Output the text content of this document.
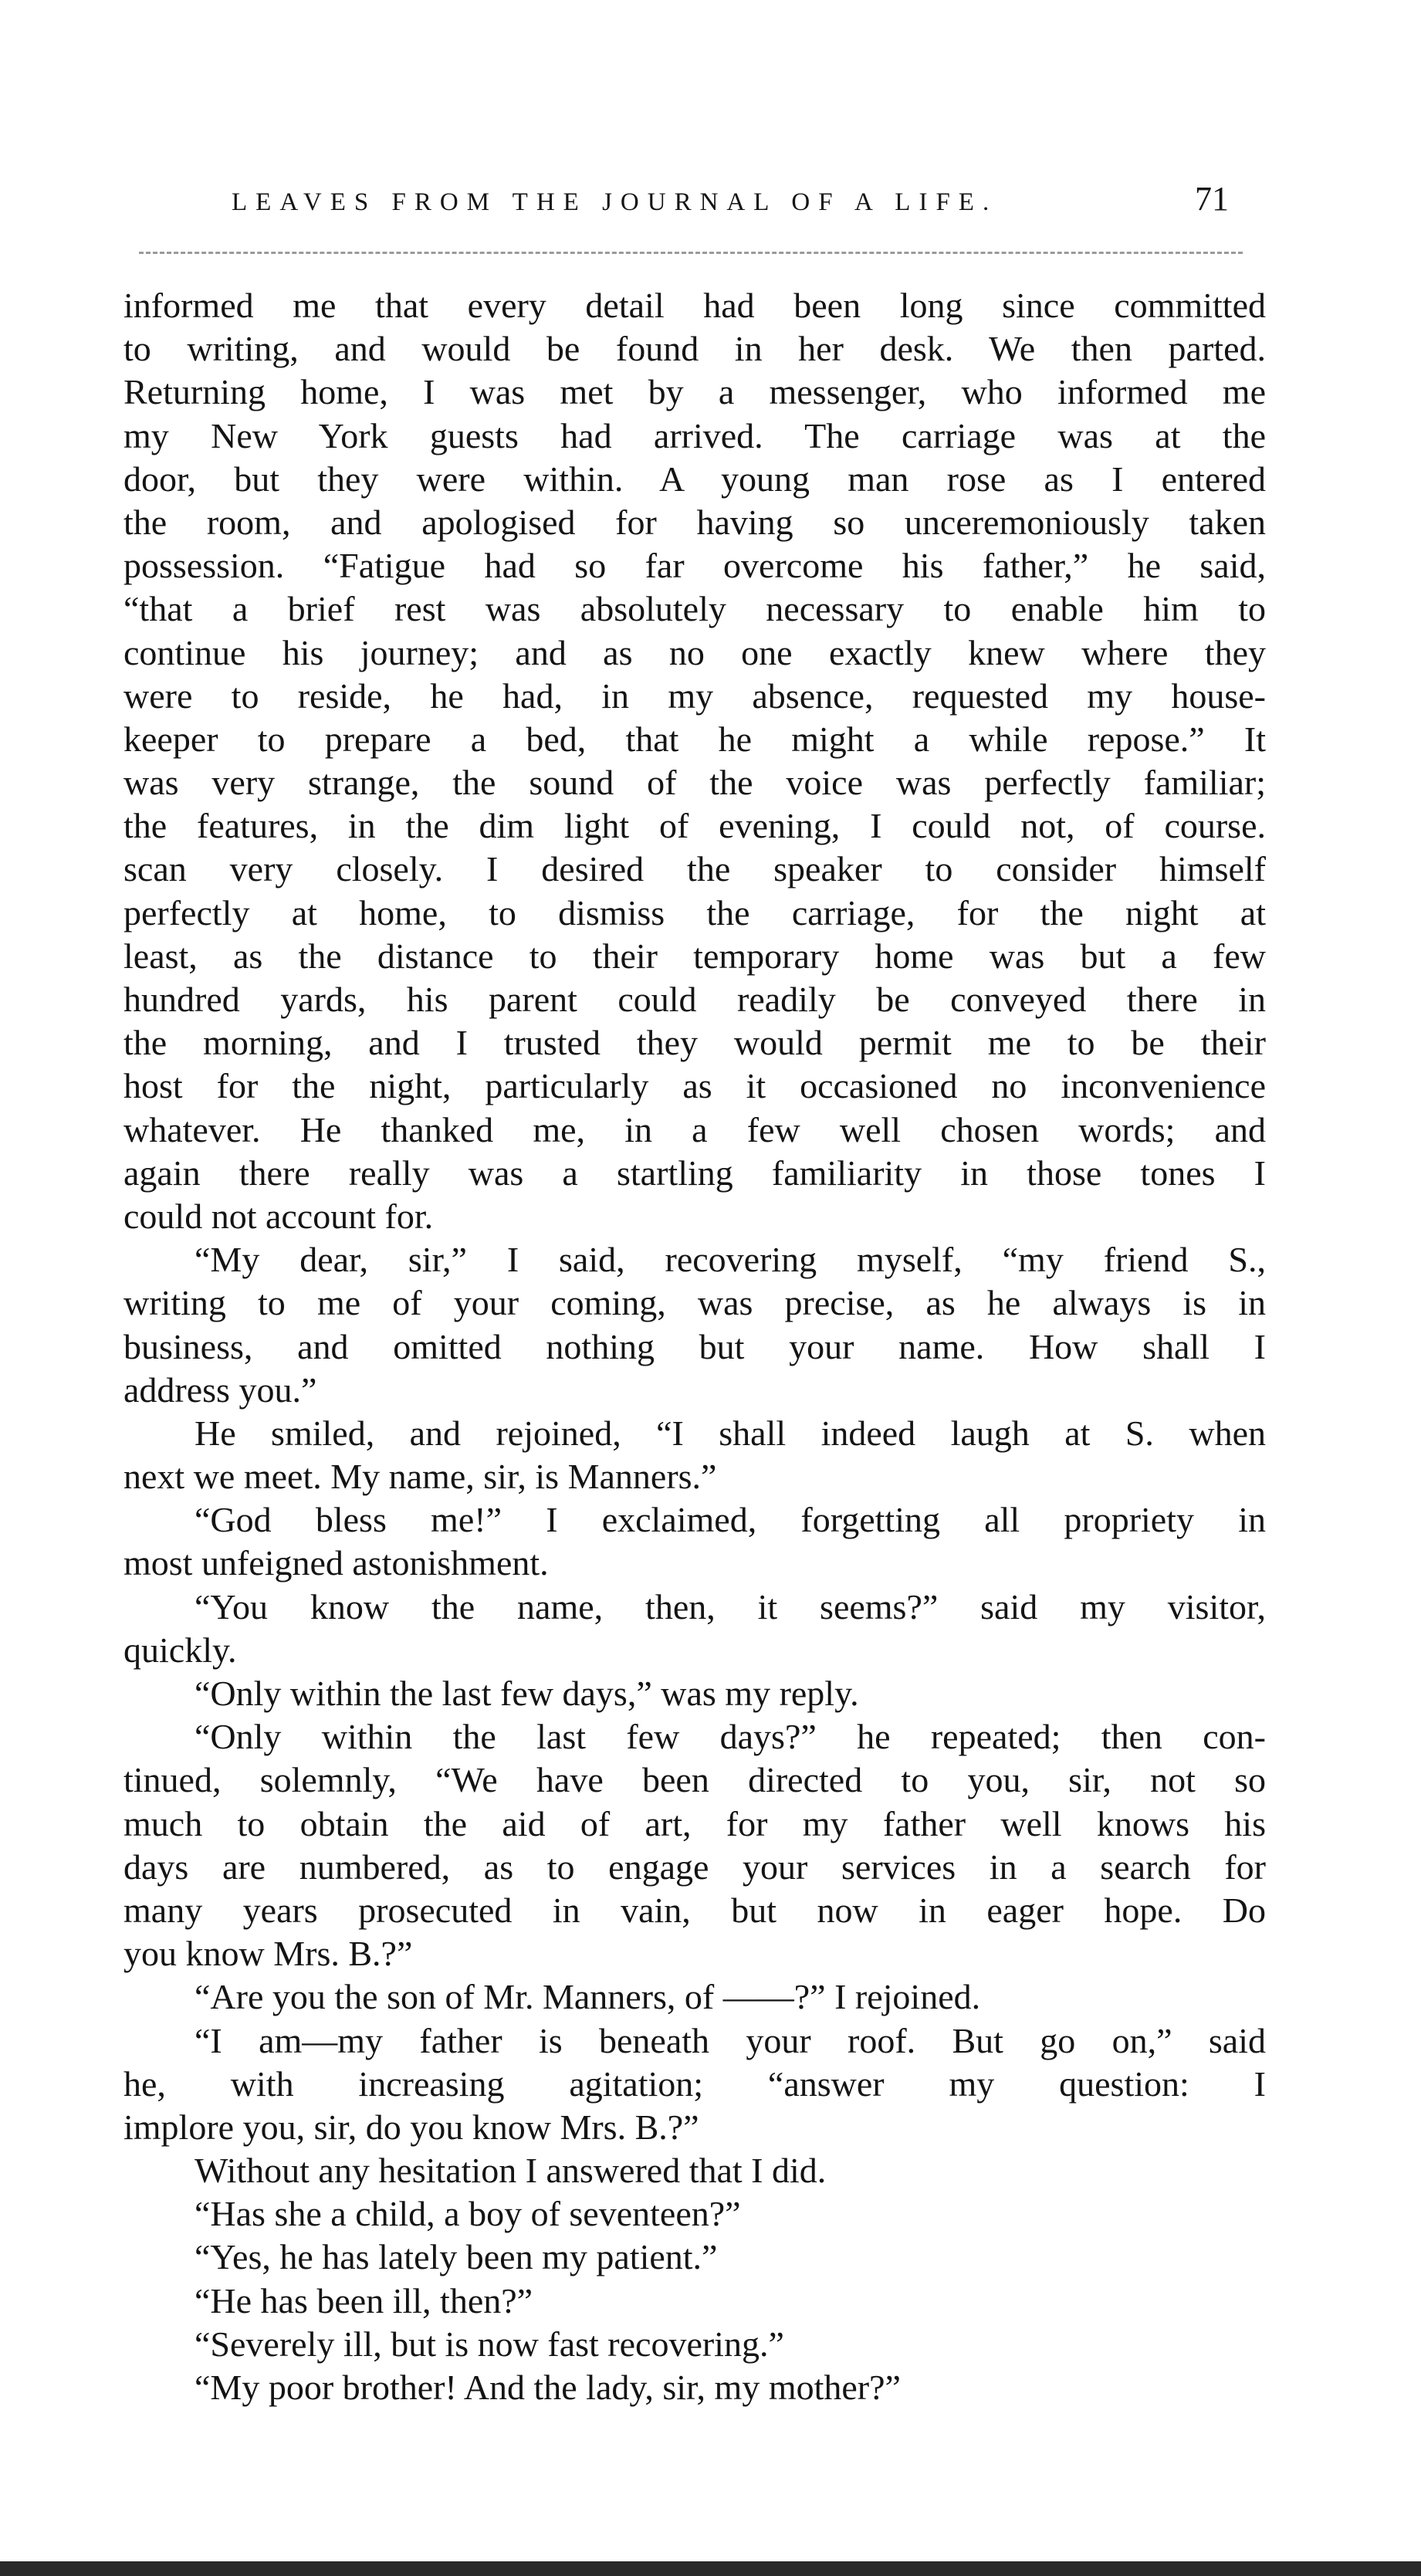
LEAVES FROM THE JOURNAL OF A LIFE.	71
informed me that every detail had been long since committed
to writing, and would be found in her desk. We then parted.
Returning home, I was met by a messenger, who informed me
my New York guests had arrived. The carriage was at the
door, but they were within. A young man rose as I entered
the room, and apologised for having so unceremoniously taken
possession. “Fatigue had so far overcome his father,” he said,
“that a brief rest was absolutely necessary to enable him to
continue his journey; and as no one exactly knew where they
were to reside, he had, in my absence, requested my house-
keeper to prepare a bed, that he might a while repose.” It
was very strange, the sound of the voice was perfectly familiar;
the features, in the dim light of evening, I could not, of course.
scan very closely. I desired the speaker to consider himself
perfectly at home, to dismiss the carriage, for the night at
least, as the distance to their temporary home was but a few
hundred yards, his parent could readily be conveyed there in
the morning, and I trusted they would permit me to be their
host for the night, particularly as it occasioned no inconvenience
whatever. He thanked me, in a few well chosen words; and
again there really was a startling familiarity in those tones I
could not account for.
“My dear, sir,” I said, recovering myself, “my friend S.,
writing to me of your coming, was precise, as he always is in
business, and omitted nothing but your name. How shall I
address you.”
He smiled, and rejoined, “I shall indeed laugh at S. when
next we meet. My name, sir, is Manners.”
“God bless me!” I exclaimed, forgetting all propriety in
most unfeigned astonishment.
“You know the name, then, it seems?” said my visitor,
quickly.
“Only within the last few days,” was my reply.
“Only within the last few days?” he repeated; then con-
tinued, solemnly, “We have been directed to you, sir, not so
much to obtain the aid of art, for my father well knows his
days are numbered, as to engage your services in a search for
many years prosecuted in vain, but now in eager hope. Do
you know Mrs. B.?”
“Are you the son of Mr. Manners, of ——?” I rejoined.
“I am—my father is beneath your roof. But go on,” said
he, with increasing agitation; “answer my question: I
implore you, sir, do you know Mrs. B.?”
Without any hesitation I answered that I did.
“Has she a child, a boy of seventeen?”
“Yes, he has lately been my patient.”
“He has been ill, then?”
“Severely ill, but is now fast recovering.”
“My poor brother! And the lady, sir, my mother?”
